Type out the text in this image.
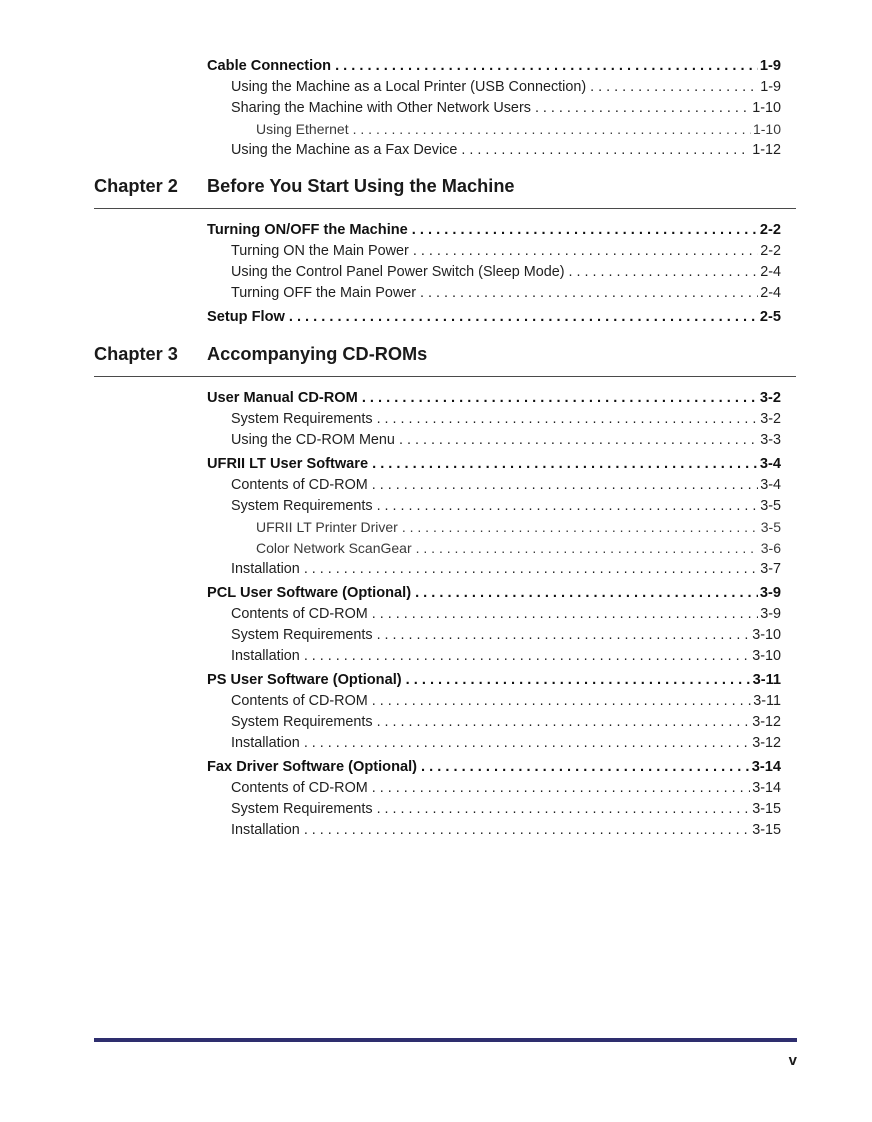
Cable Connection . . .	1-9
Using the Machine as a Local Printer (USB Connection) . . .	1-9
Sharing the Machine with Other Network Users . . .	1-10
Using Ethernet . . .	1-10
Using the Machine as a Fax Device . . .	1-12
Chapter 2 Before You Start Using the Machine
Turning ON/OFF the Machine . . .	2-2
Turning ON the Main Power . . .	2-2
Using the Control Panel Power Switch (Sleep Mode) . . .	2-4
Turning OFF the Main Power . . .	2-4
Setup Flow . . .	2-5
Chapter 3 Accompanying CD-ROMs
User Manual CD-ROM . . .	3-2
System Requirements . . .	3-2
Using the CD-ROM Menu . . .	3-3
UFRII LT User Software . . .	3-4
Contents of CD-ROM . . .	3-4
System Requirements . . .	3-5
UFRII LT Printer Driver . . .	3-5
Color Network ScanGear . . .	3-6
Installation . . .	3-7
PCL User Software (Optional) . . .	3-9
Contents of CD-ROM . . .	3-9
System Requirements . . .	3-10
Installation . . .	3-10
PS User Software (Optional) . . .	3-11
Contents of CD-ROM . . .	3-11
System Requirements . . .	3-12
Installation . . .	3-12
Fax Driver Software (Optional) . . .	3-14
Contents of CD-ROM . . .	3-14
System Requirements . . .	3-15
Installation . . .	3-15
v
